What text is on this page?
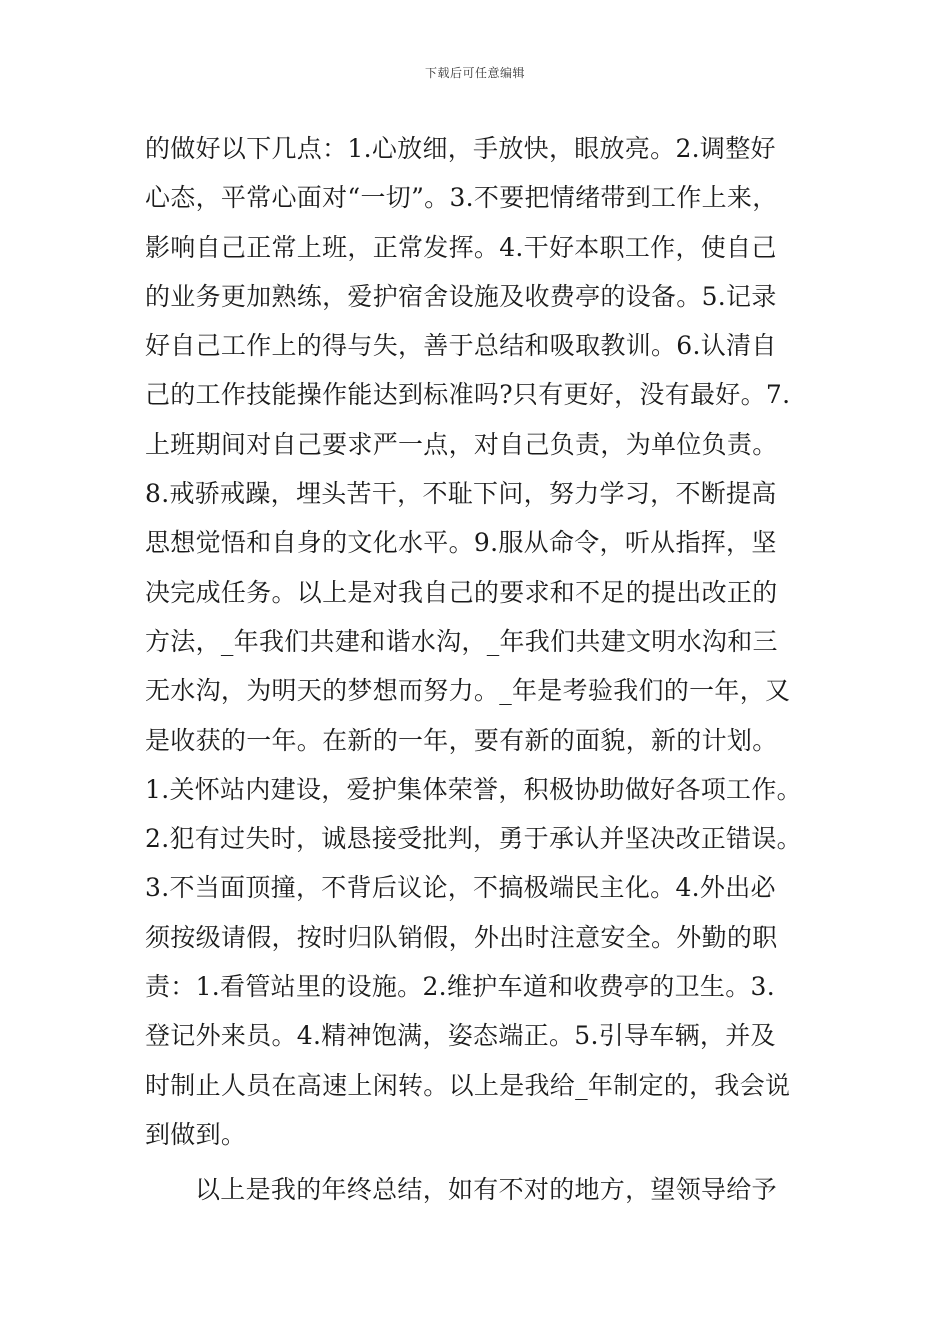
下载后可任意编辑
的做好以下几点：1.心放细，手放快，眼放亮。2.调整好
心态，平常心面对“一切”。3.不要把情绪带到工作上来，
影响自己正常上班，正常发挥。4.干好本职工作，使自己
的业务更加熟练，爱护宿舍设施及收费亭的设备。5.记录
好自己工作上的得与失，善于总结和吸取教训。6.认清自
己的工作技能操作能达到标准吗?只有更好，没有最好。7.
上班期间对自己要求严一点，对自己负责，为单位负责。
8.戒骄戒躁，埋头苦干，不耻下问，努力学习，不断提高
思想觉悟和自身的文化水平。9.服从命令，听从指挥，坚
决完成任务。以上是对我自己的要求和不足的提出改正的
方法，_年我们共建和谐水沟，_年我们共建文明水沟和三
无水沟，为明天的梦想而努力。_年是考验我们的一年，又
是收获的一年。在新的一年，要有新的面貌，新的计划。
1.关怀站内建设，爱护集体荣誉，积极协助做好各项工作。
2.犯有过失时，诚恳接受批判，勇于承认并坚决改正错误。
3.不当面顶撞，不背后议论，不搞极端民主化。4.外出必
须按级请假，按时归队销假，外出时注意安全。外勤的职
责：1.看管站里的设施。2.维护车道和收费亭的卫生。3.
登记外来员。4.精神饱满，姿态端正。5.引导车辆，并及
时制止人员在高速上闲转。以上是我给_年制定的，我会说
到做到。
以上是我的年终总结，如有不对的地方，望领导给予
